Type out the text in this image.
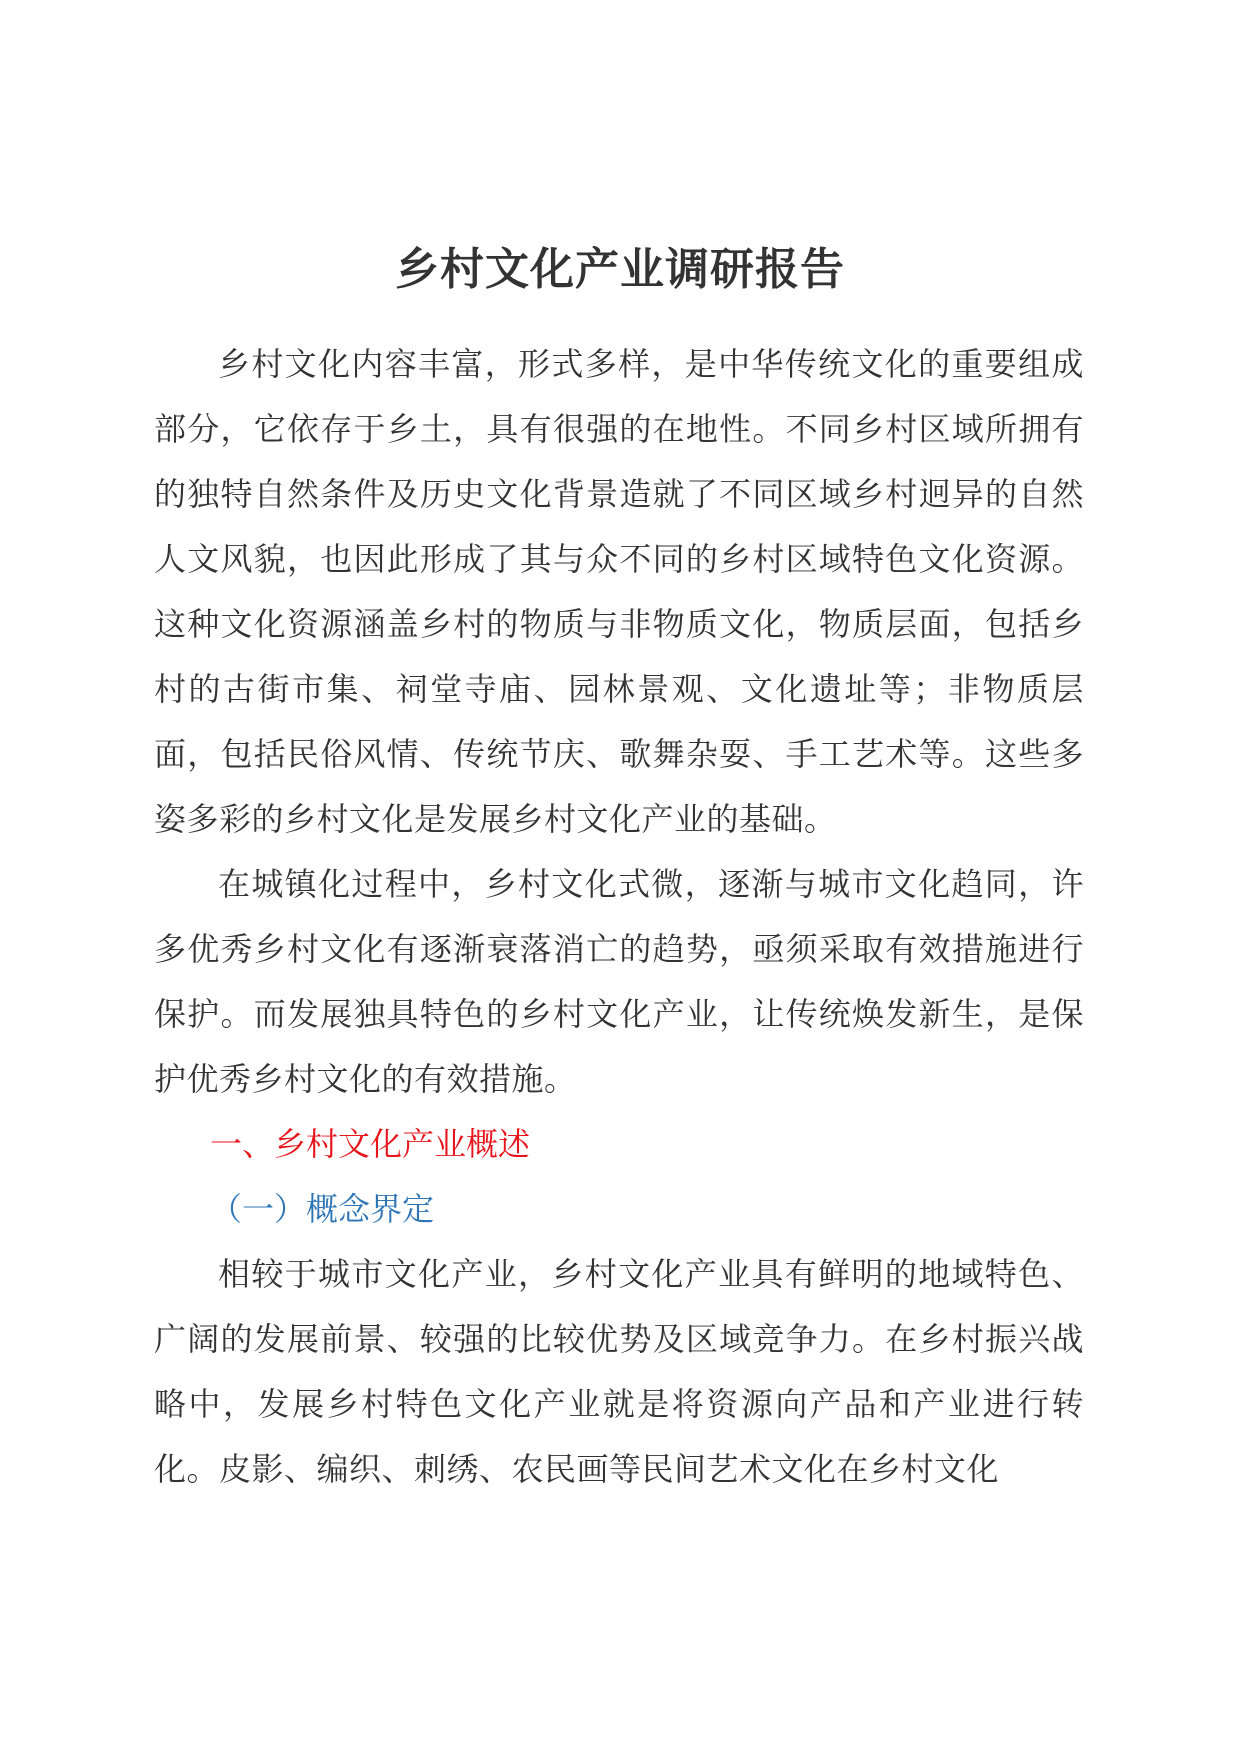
乡村文化产业调研报告

乡村文化内容丰富，形式多样，是中华传统文化的重要组成部分，它依存于乡土，具有很强的在地性。不同乡村区域所拥有的独特自然条件及历史文化背景造就了不同区域乡村迥异的自然人文风貌，也因此形成了其与众不同的乡村区域特色文化资源。这种文化资源涵盖乡村的物质与非物质文化，物质层面，包括乡村的古街市集、祠堂寺庙、园林景观、文化遗址等；非物质层面，包括民俗风情、传统节庆、歌舞杂耍、手工艺术等。这些多姿多彩的乡村文化是发展乡村文化产业的基础。

在城镇化过程中，乡村文化式微，逐渐与城市文化趋同，许多优秀乡村文化有逐渐衰落消亡的趋势，亟须采取有效措施进行保护。而发展独具特色的乡村文化产业，让传统焕发新生，是保护优秀乡村文化的有效措施。

一、乡村文化产业概述

（一）概念界定

相较于城市文化产业，乡村文化产业具有鲜明的地域特色、广阔的发展前景、较强的比较优势及区域竞争力。在乡村振兴战略中，发展乡村特色文化产业就是将资源向产品和产业进行转化。皮影、编织、刺绣、农民画等民间艺术文化在乡村文化
